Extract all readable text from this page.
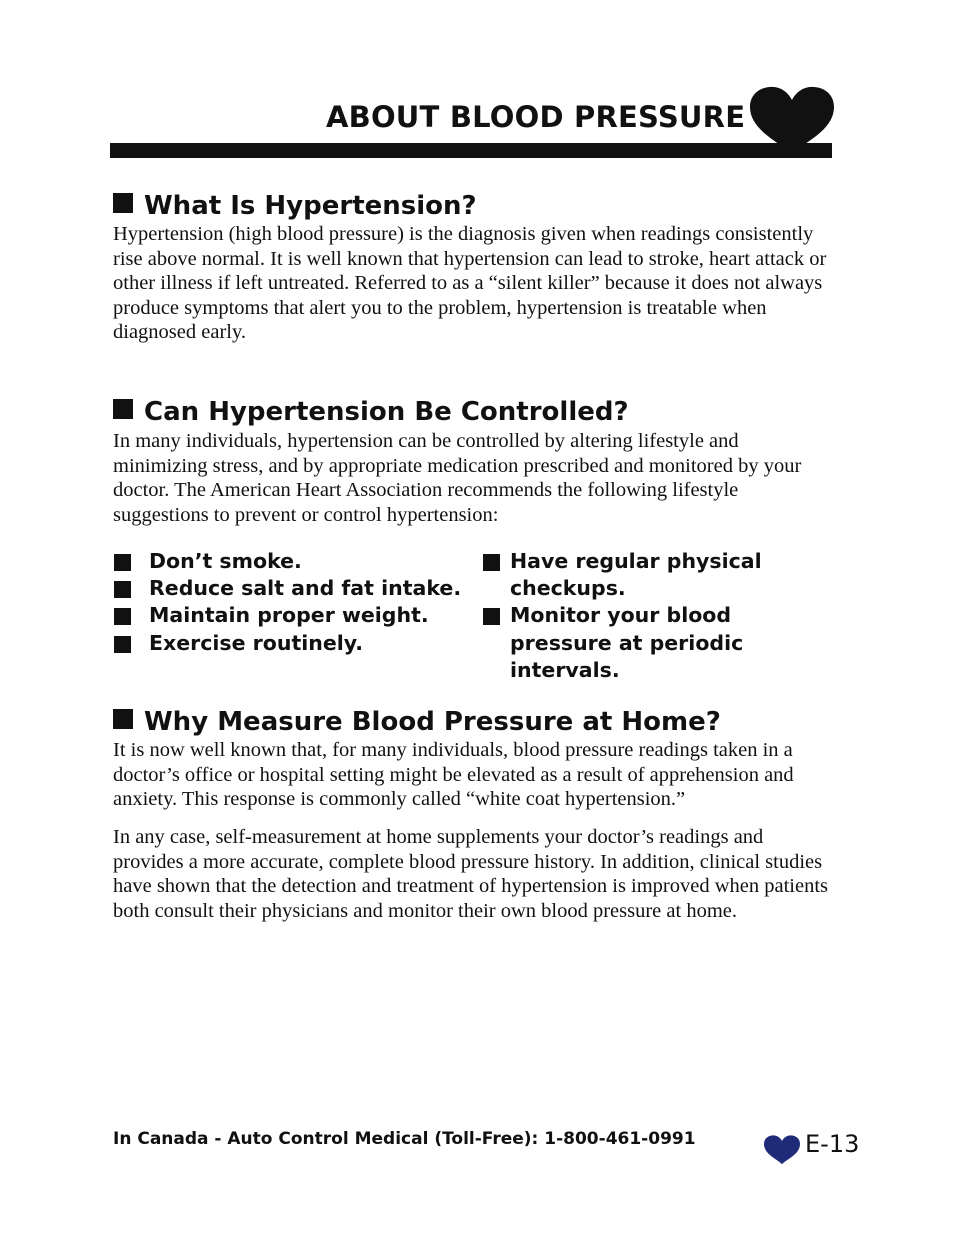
ABOUT BLOOD PRESSURE
What Is Hypertension?

Hypertension (high blood pressure) is the diagnosis given when readings consistently rise above normal. It is well known that hypertension can lead to stroke, heart attack or other illness if left untreated. Referred to as a “silent killer” because it does not always produce symptoms that alert you to the problem, hypertension is treatable when diagnosed early.

Can Hypertension Be Controlled?

In many individuals, hypertension can be controlled by altering lifestyle and minimizing stress, and by appropriate medication prescribed and monitored by your doctor. The American Heart Association recommends the following lifestyle suggestions to prevent or control hypertension:

Don’t smoke.
Reduce salt and fat intake.
Maintain proper weight.
Exercise routinely.
Have regular physical checkups.
Monitor your blood pressure at periodic intervals.
Why Measure Blood Pressure at Home?

It is now well known that, for many individuals, blood pressure readings taken in a doctor’s office or hospital setting might be elevated as a result of apprehension and anxiety. This response is commonly called “white coat hypertension.”

In any case, self-measurement at home supplements your doctor’s readings and provides a more accurate, complete blood pressure history. In addition, clinical studies have shown that the detection and treatment of hypertension is improved when patients both consult their physicians and monitor their own blood pressure at home.

In Canada - Auto Control Medical (Toll-Free): 1-800-461-0991	E-13
